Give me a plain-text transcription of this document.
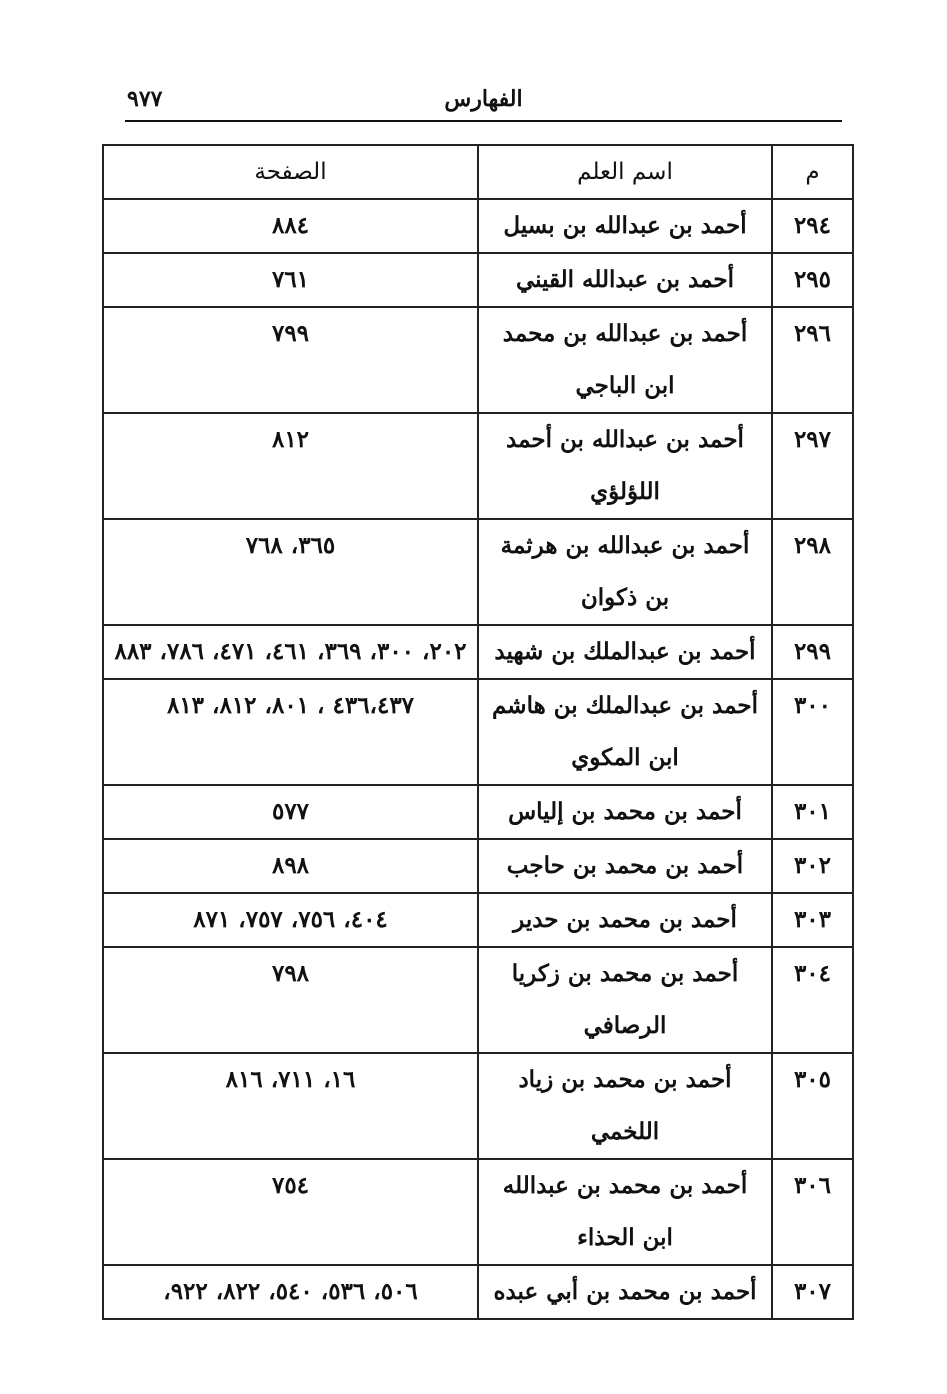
الفهارس
٩٧٧
م	اسم العلم	الصفحة
٢٩٤	أحمد بن عبدالله بن بسيل	٨٨٤
٢٩٥	أحمد بن عبدالله القيني	٧٦١
٢٩٦	أحمد بن عبدالله بن محمد ابن الباجي	٧٩٩
٢٩٧	أحمد بن عبدالله بن أحمد اللؤلؤي	٨١٢
٢٩٨	أحمد بن عبدالله بن هرثمة بن ذكوان	٣٦٥، ٧٦٨
٢٩٩	أحمد بن عبدالملك بن شهيد	٢٠٢، ٣٠٠، ٣٦٩، ٤٦١، ٤٧١، ٧٨٦، ٨٨٣
٣٠٠	أحمد بن عبدالملك بن هاشم ابن المكوي	٤٣٦،٤٣٧ ، ٨٠١، ٨١٢، ٨١٣
٣٠١	أحمد بن محمد بن إلياس	٥٧٧
٣٠٢	أحمد بن محمد بن حاجب	٨٩٨
٣٠٣	أحمد بن محمد بن حدير	٤٠٤، ٧٥٦، ٧٥٧، ٨٧١
٣٠٤	أحمد بن محمد بن زكريا الرصافي	٧٩٨
٣٠٥	أحمد بن محمد بن زياد اللخمي	١٦، ٧١١، ٨١٦
٣٠٦	أحمد بن محمد بن عبدالله ابن الحذاء	٧٥٤
٣٠٧	أحمد بن محمد بن أبي عبده	٥٠٦، ٥٣٦، ٥٤٠، ٨٢٢، ٩٢٢،
